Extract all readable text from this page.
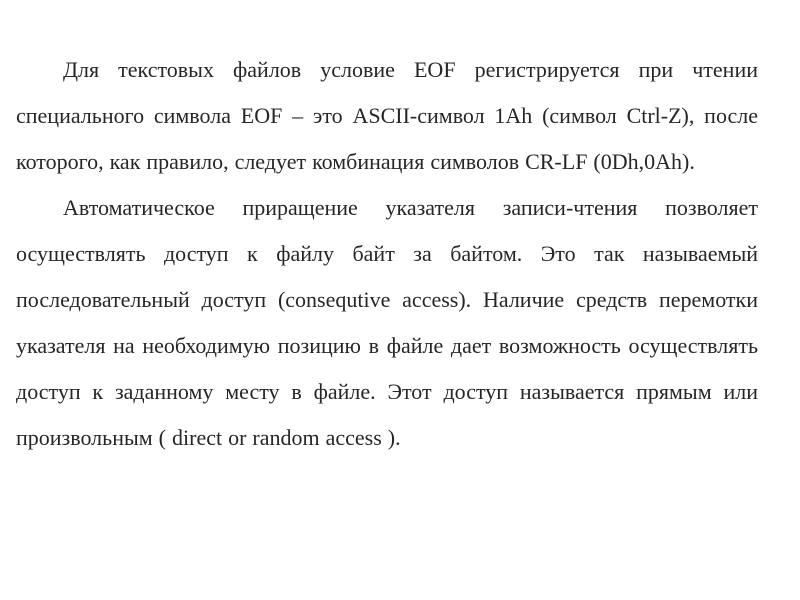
Для текстовых файлов условие EOF регистрируется при чтении специального символа EOF – это ASCII-символ 1Ah (символ Ctrl-Z), после которого, как правило, следует комбинация символов CR-LF (0Dh,0Ah).

Автоматическое приращение указателя записи-чтения позволяет осуществлять доступ к файлу байт за байтом. Это так называемый последовательный доступ (consequtive access). Наличие средств перемотки указателя на необходимую позицию в файле дает возможность осуществлять доступ к заданному месту в файле. Этот доступ называется прямым или произвольным ( direct or random access ).
